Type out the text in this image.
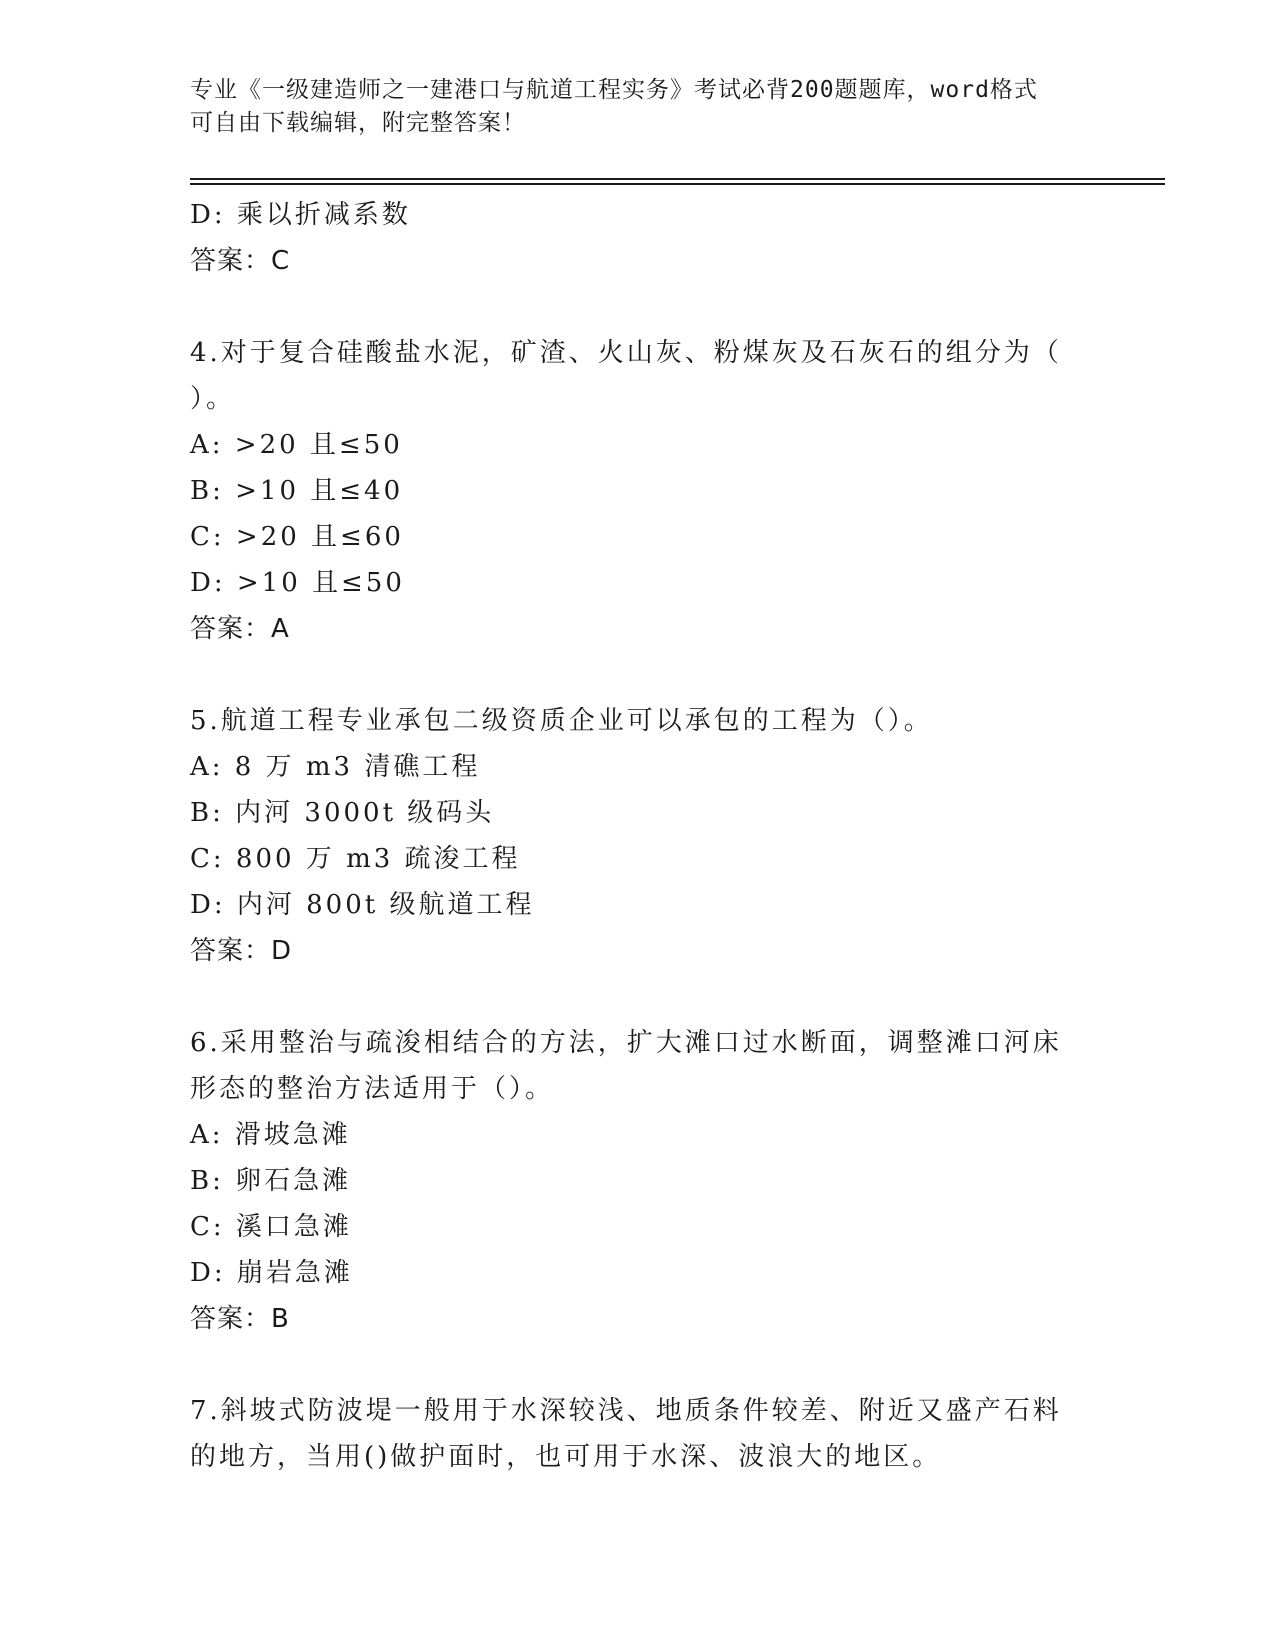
专业《一级建造师之一建港口与航道工程实务》考试必背200题题库，word格式
可自由下载编辑，附完整答案！
D: 乘以折减系数
答案：C
4.对于复合硅酸盐水泥，矿渣、火山灰、粉煤灰及石灰石的组分为（
）。
A: >20 且≤50
B: >10 且≤40
C: >20 且≤60
D: >10 且≤50
答案：A
5.航道工程专业承包二级资质企业可以承包的工程为（）。
A: 8 万 m3 清礁工程
B: 内河 3000t 级码头
C: 800 万 m3 疏浚工程
D: 内河 800t 级航道工程
答案：D
6.采用整治与疏浚相结合的方法，扩大滩口过水断面，调整滩口河床
形态的整治方法适用于（）。
A: 滑坡急滩
B: 卵石急滩
C: 溪口急滩
D: 崩岩急滩
答案：B
7.斜坡式防波堤一般用于水深较浅、地质条件较差、附近又盛产石料
的地方，当用()做护面时，也可用于水深、波浪大的地区。
